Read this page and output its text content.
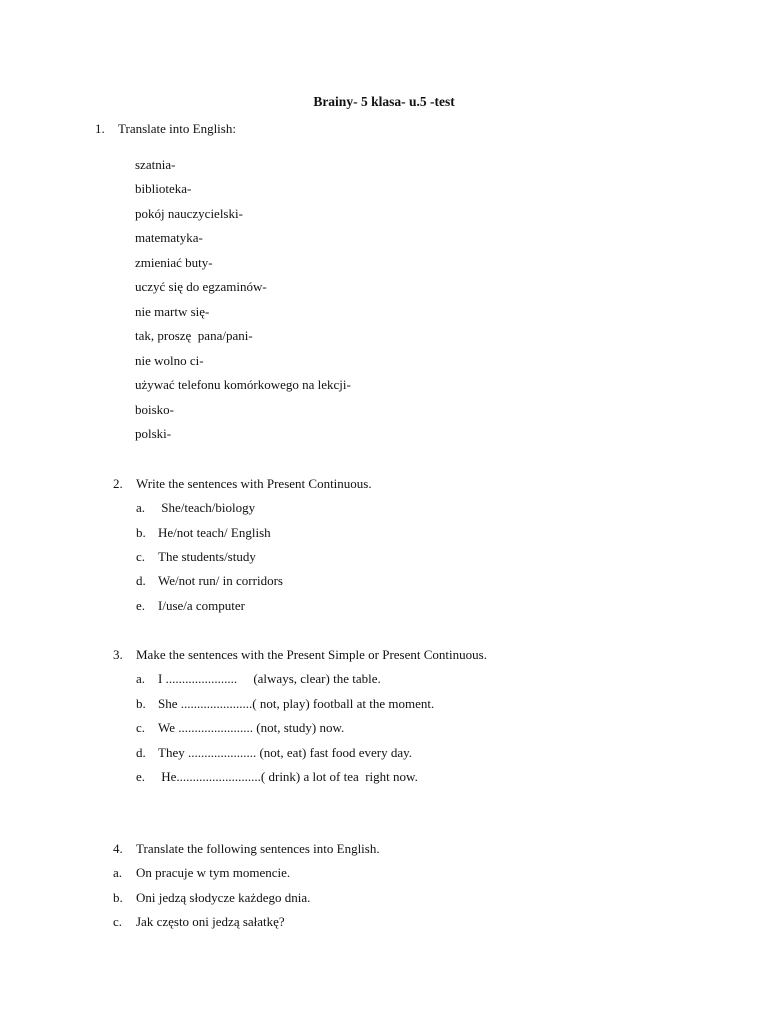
Brainy- 5 klasa- u.5 -test
1. Translate into English:
szatnia-
biblioteka-
pokój nauczycielski-
matematyka-
zmieniać buty-
uczyć się do egzaminów-
nie martw się-
tak, proszę  pana/pani-
nie wolno ci-
używać telefonu komórkowego na lekcji-
boisko-
polski-
2. Write the sentences with Present Continuous.
a. She/teach/biology
b. He/not teach/ English
c. The students/study
d. We/not run/ in corridors
e. I/use/a computer
3. Make the sentences with the Present Simple or Present Continuous.
a. I ......................     (always, clear) the table.
b. She ......................( not, play) football at the moment.
c. We ....................... (not, study) now.
d. They ..................... (not, eat) fast food every day.
e. He..........................( drink) a lot of tea  right now.
4. Translate the following sentences into English.
a. On pracuje w tym momencie.
b. Oni jedzą słodycze każdego dnia.
c. Jak często oni jedzą sałatkę?
